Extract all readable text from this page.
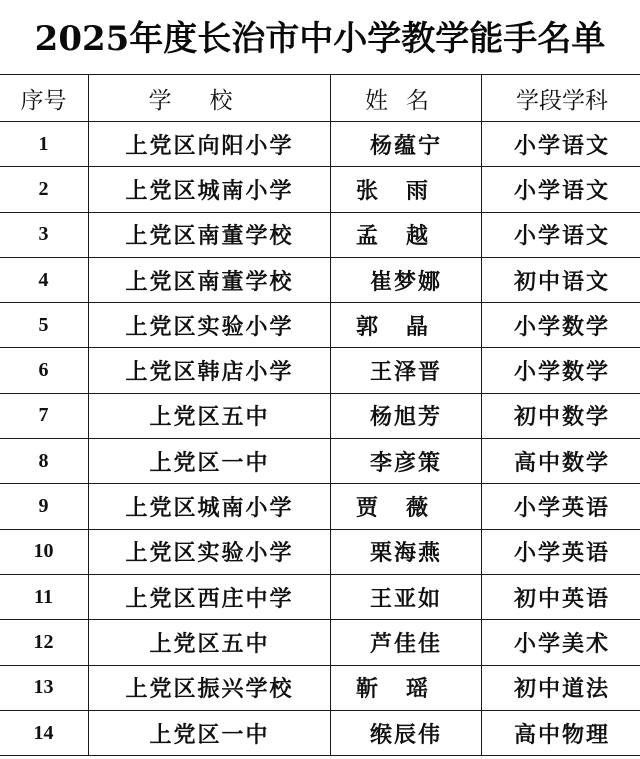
2025年度长治市中小学教学能手名单
序号	学校	姓名	学段学科
1	上党区向阳小学	杨蕴宁	小学语文
2	上党区城南小学	张雨	小学语文
3	上党区南董学校	孟越	小学语文
4	上党区南董学校	崔梦娜	初中语文
5	上党区实验小学	郭晶	小学数学
6	上党区韩店小学	王泽晋	小学数学
7	上党区五中	杨旭芳	初中数学
8	上党区一中	李彦策	高中数学
9	上党区城南小学	贾薇	小学英语
10	上党区实验小学	栗海燕	小学英语
11	上党区西庄中学	王亚如	初中英语
12	上党区五中	芦佳佳	小学美术
13	上党区振兴学校	靳瑶	初中道法
14	上党区一中	缑辰伟	高中物理
